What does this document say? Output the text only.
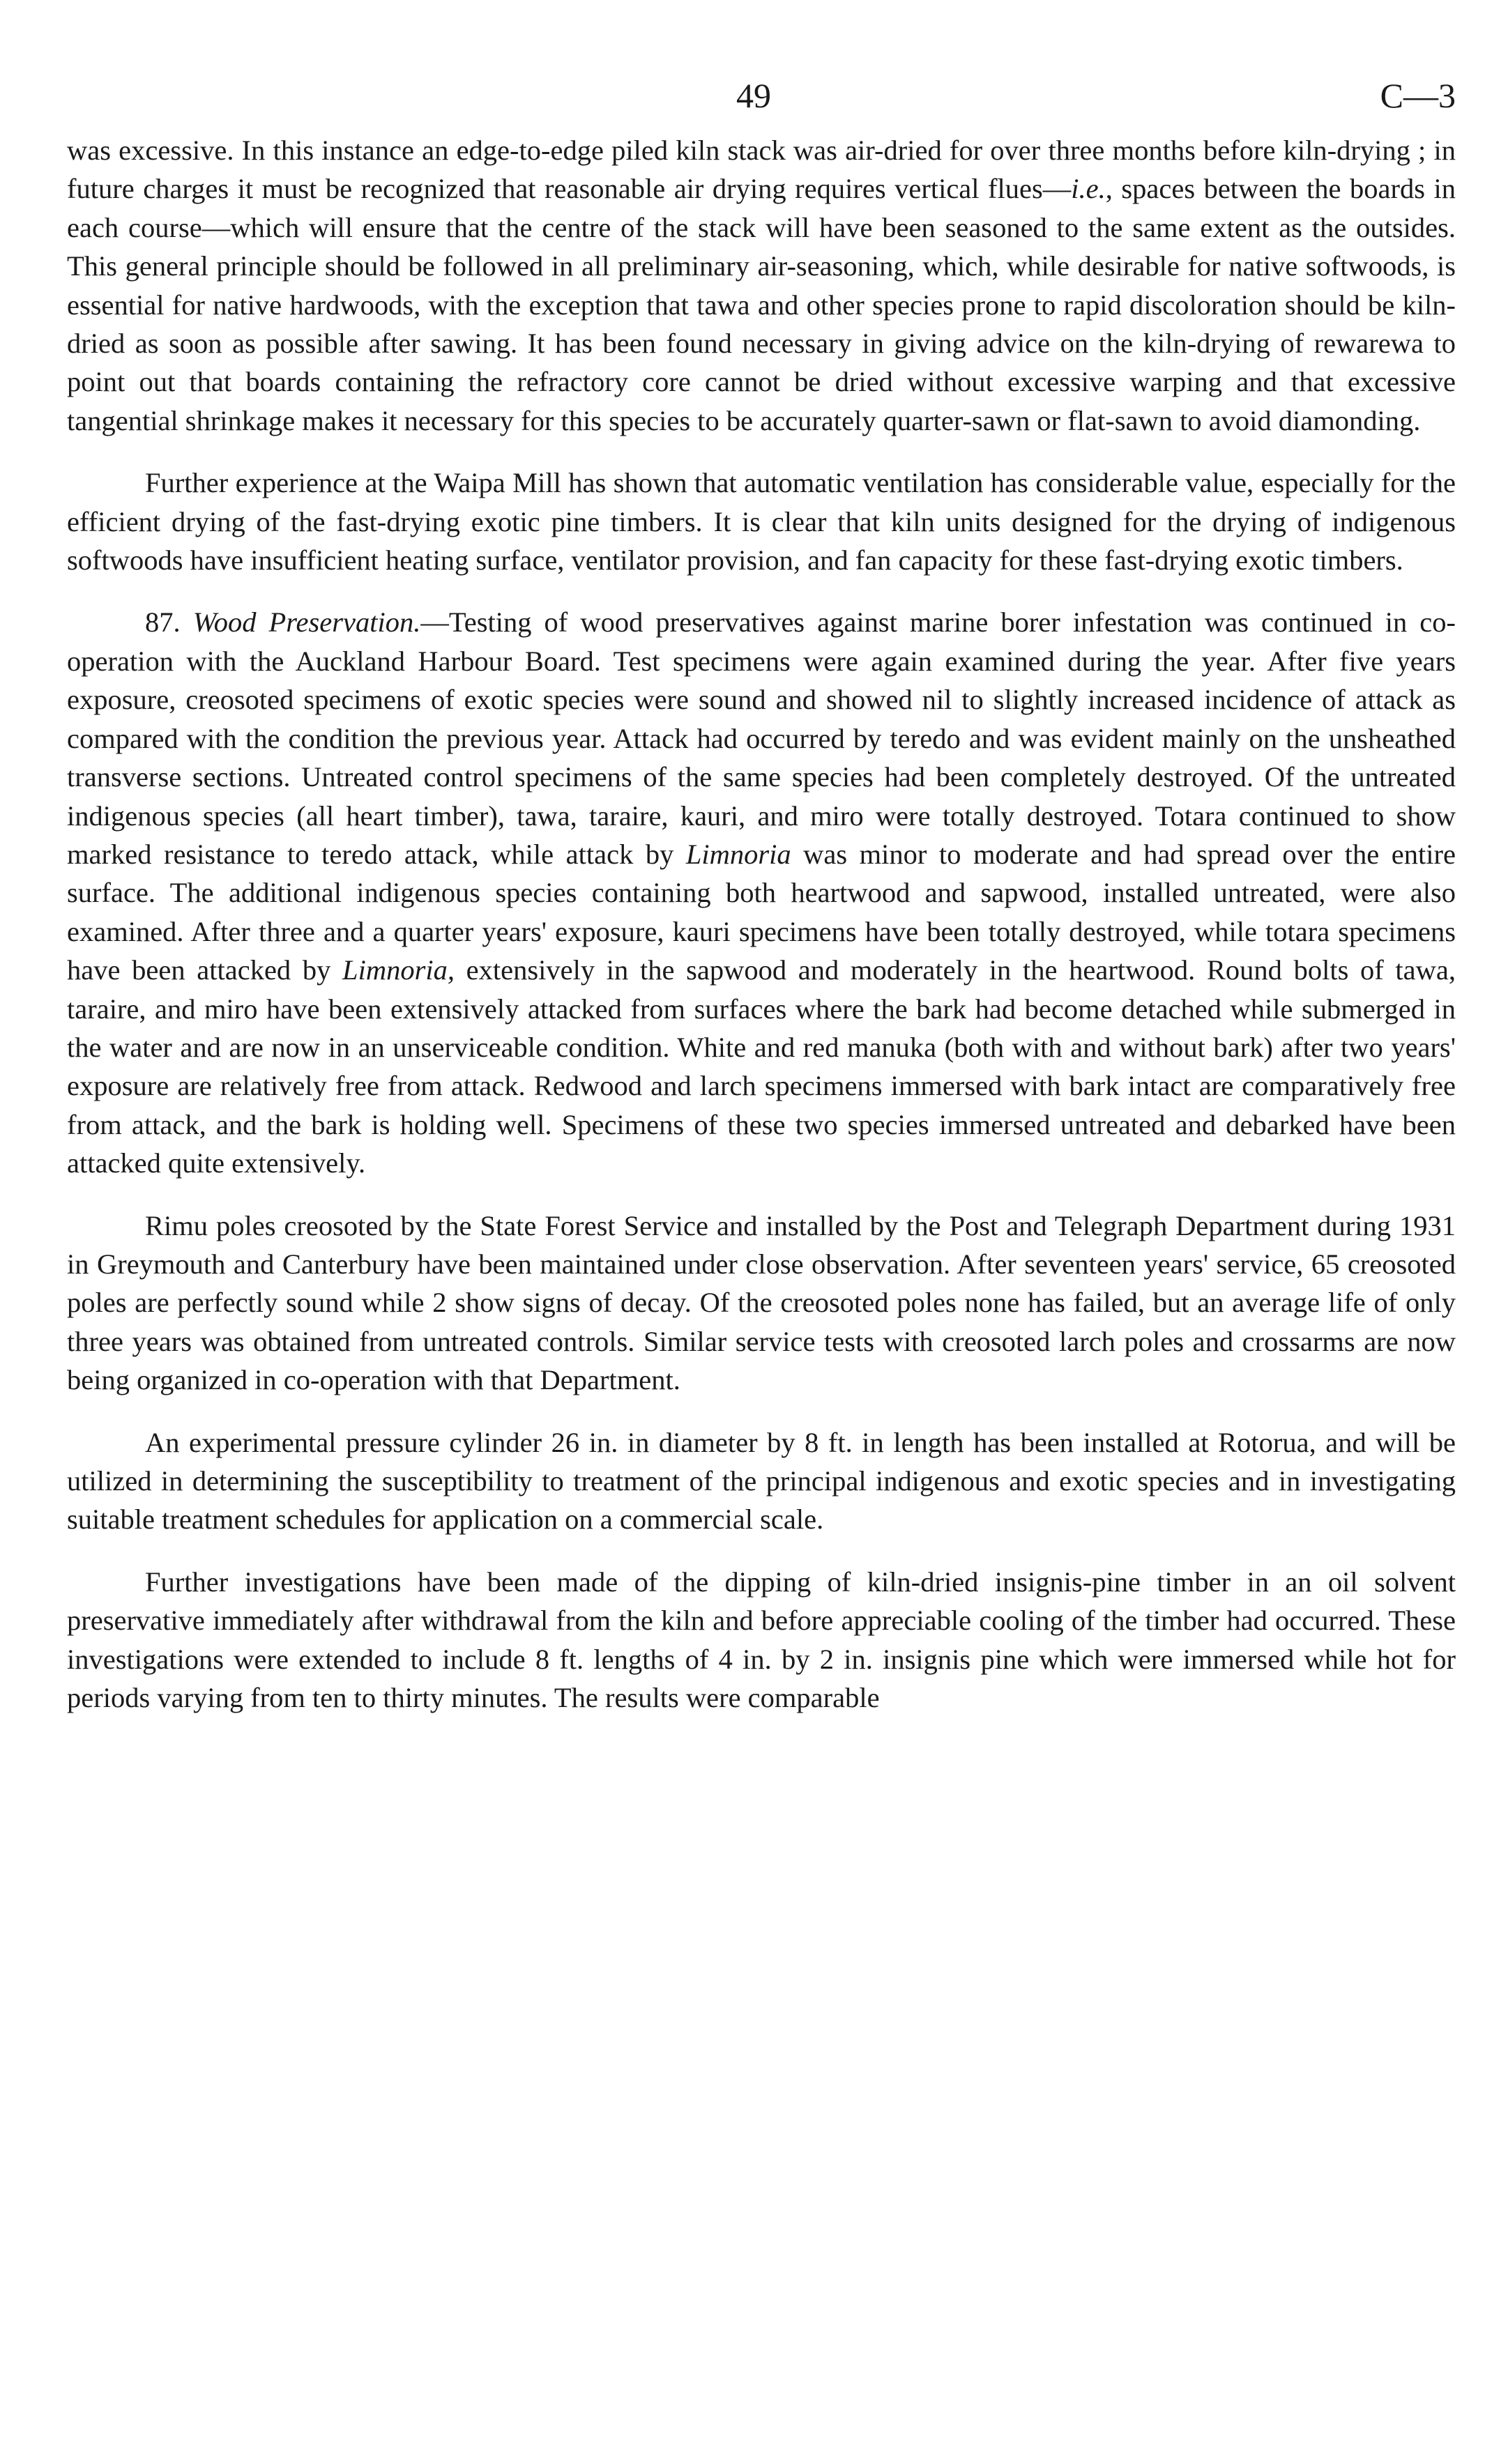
49	C—3

was excessive. In this instance an edge-to-edge piled kiln stack was air-dried for over three months before kiln-drying ; in future charges it must be recognized that reasonable air drying requires vertical flues—i.e., spaces between the boards in each course—which will ensure that the centre of the stack will have been seasoned to the same extent as the outsides. This general principle should be followed in all preliminary air-seasoning, which, while desirable for native softwoods, is essential for native hardwoods, with the exception that tawa and other species prone to rapid discoloration should be kiln-dried as soon as possible after sawing. It has been found necessary in giving advice on the kiln-drying of rewarewa to point out that boards containing the refractory core cannot be dried without excessive warping and that excessive tangential shrinkage makes it necessary for this species to be accurately quarter-sawn or flat-sawn to avoid diamonding.

Further experience at the Waipa Mill has shown that automatic ventilation has considerable value, especially for the efficient drying of the fast-drying exotic pine timbers. It is clear that kiln units designed for the drying of indigenous softwoods have insufficient heating surface, ventilator provision, and fan capacity for these fast-drying exotic timbers.

87. Wood Preservation.—Testing of wood preservatives against marine borer infestation was continued in co-operation with the Auckland Harbour Board. Test specimens were again examined during the year. After five years exposure, creosoted specimens of exotic species were sound and showed nil to slightly increased incidence of attack as compared with the condition the previous year. Attack had occurred by teredo and was evident mainly on the unsheathed transverse sections. Untreated control specimens of the same species had been completely destroyed. Of the untreated indigenous species (all heart timber), tawa, taraire, kauri, and miro were totally destroyed. Totara continued to show marked resistance to teredo attack, while attack by Limnoria was minor to moderate and had spread over the entire surface. The additional indigenous species containing both heartwood and sapwood, installed untreated, were also examined. After three and a quarter years' exposure, kauri specimens have been totally destroyed, while totara specimens have been attacked by Limnoria, extensively in the sapwood and moderately in the heartwood. Round bolts of tawa, taraire, and miro have been extensively attacked from surfaces where the bark had become detached while submerged in the water and are now in an unserviceable condition. White and red manuka (both with and without bark) after two years' exposure are relatively free from attack. Redwood and larch specimens immersed with bark intact are comparatively free from attack, and the bark is holding well. Specimens of these two species immersed untreated and debarked have been attacked quite extensively.

Rimu poles creosoted by the State Forest Service and installed by the Post and Telegraph Department during 1931 in Greymouth and Canterbury have been maintained under close observation. After seventeen years' service, 65 creosoted poles are perfectly sound while 2 show signs of decay. Of the creosoted poles none has failed, but an average life of only three years was obtained from untreated controls. Similar service tests with creosoted larch poles and crossarms are now being organized in co-operation with that Department.

An experimental pressure cylinder 26 in. in diameter by 8 ft. in length has been installed at Rotorua, and will be utilized in determining the susceptibility to treatment of the principal indigenous and exotic species and in investigating suitable treatment schedules for application on a commercial scale.

Further investigations have been made of the dipping of kiln-dried insignis-pine timber in an oil solvent preservative immediately after withdrawal from the kiln and before appreciable cooling of the timber had occurred. These investigations were extended to include 8 ft. lengths of 4 in. by 2 in. insignis pine which were immersed while hot for periods varying from ten to thirty minutes. The results were comparable
